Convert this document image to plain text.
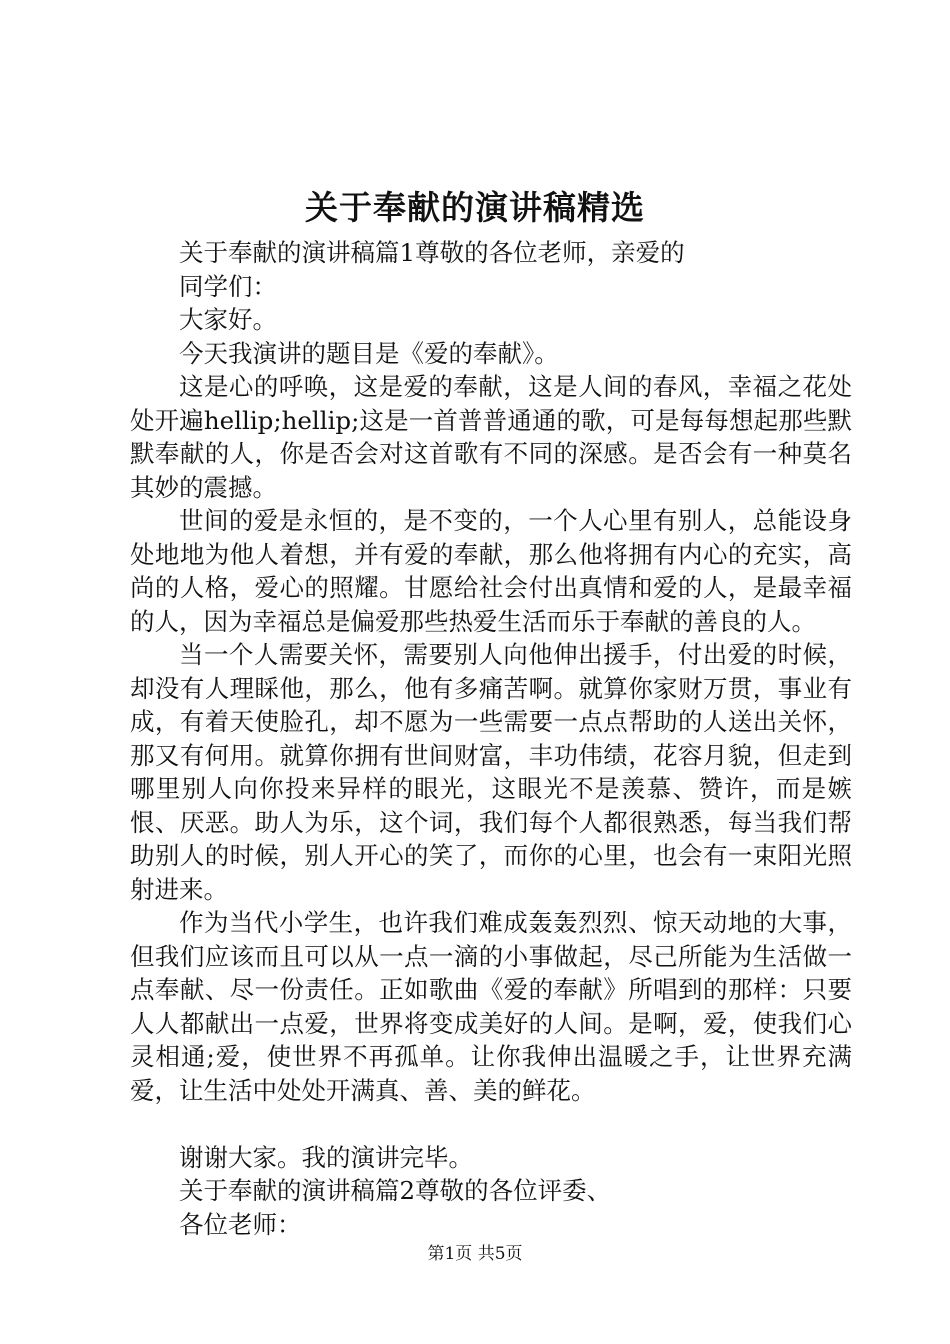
关于奉献的演讲稿精选

关于奉献的演讲稿篇1尊敬的各位老师，亲爱的

同学们：

大家好。

今天我演讲的题目是《爱的奉献》。

这是心的呼唤，这是爱的奉献，这是人间的春风，幸福之花处处开遍hellip;hellip;这是一首普普通通的歌，可是每每想起那些默默奉献的人，你是否会对这首歌有不同的深感。是否会有一种莫名其妙的震撼。

世间的爱是永恒的，是不变的，一个人心里有别人，总能设身处地地为他人着想，并有爱的奉献，那么他将拥有内心的充实，高尚的人格，爱心的照耀。甘愿给社会付出真情和爱的人，是最幸福的人，因为幸福总是偏爱那些热爱生活而乐于奉献的善良的人。

当一个人需要关怀，需要别人向他伸出援手，付出爱的时候，却没有人理睬他，那么，他有多痛苦啊。就算你家财万贯，事业有成，有着天使脸孔，却不愿为一些需要一点点帮助的人送出关怀，那又有何用。就算你拥有世间财富，丰功伟绩，花容月貌，但走到哪里别人向你投来异样的眼光，这眼光不是羡慕、赞许，而是嫉恨、厌恶。助人为乐，这个词，我们每个人都很熟悉，每当我们帮助别人的时候，别人开心的笑了，而你的心里，也会有一束阳光照射进来。

作为当代小学生，也许我们难成轰轰烈烈、惊天动地的大事，但我们应该而且可以从一点一滴的小事做起，尽己所能为生活做一点奉献、尽一份责任。正如歌曲《爱的奉献》所唱到的那样：只要人人都献出一点爱，世界将变成美好的人间。是啊，爱，使我们心灵相通;爱，使世界不再孤单。让你我伸出温暖之手，让世界充满爱，让生活中处处开满真、善、美的鲜花。

谢谢大家。我的演讲完毕。

关于奉献的演讲稿篇2尊敬的各位评委、

各位老师：

第1页 共5页
